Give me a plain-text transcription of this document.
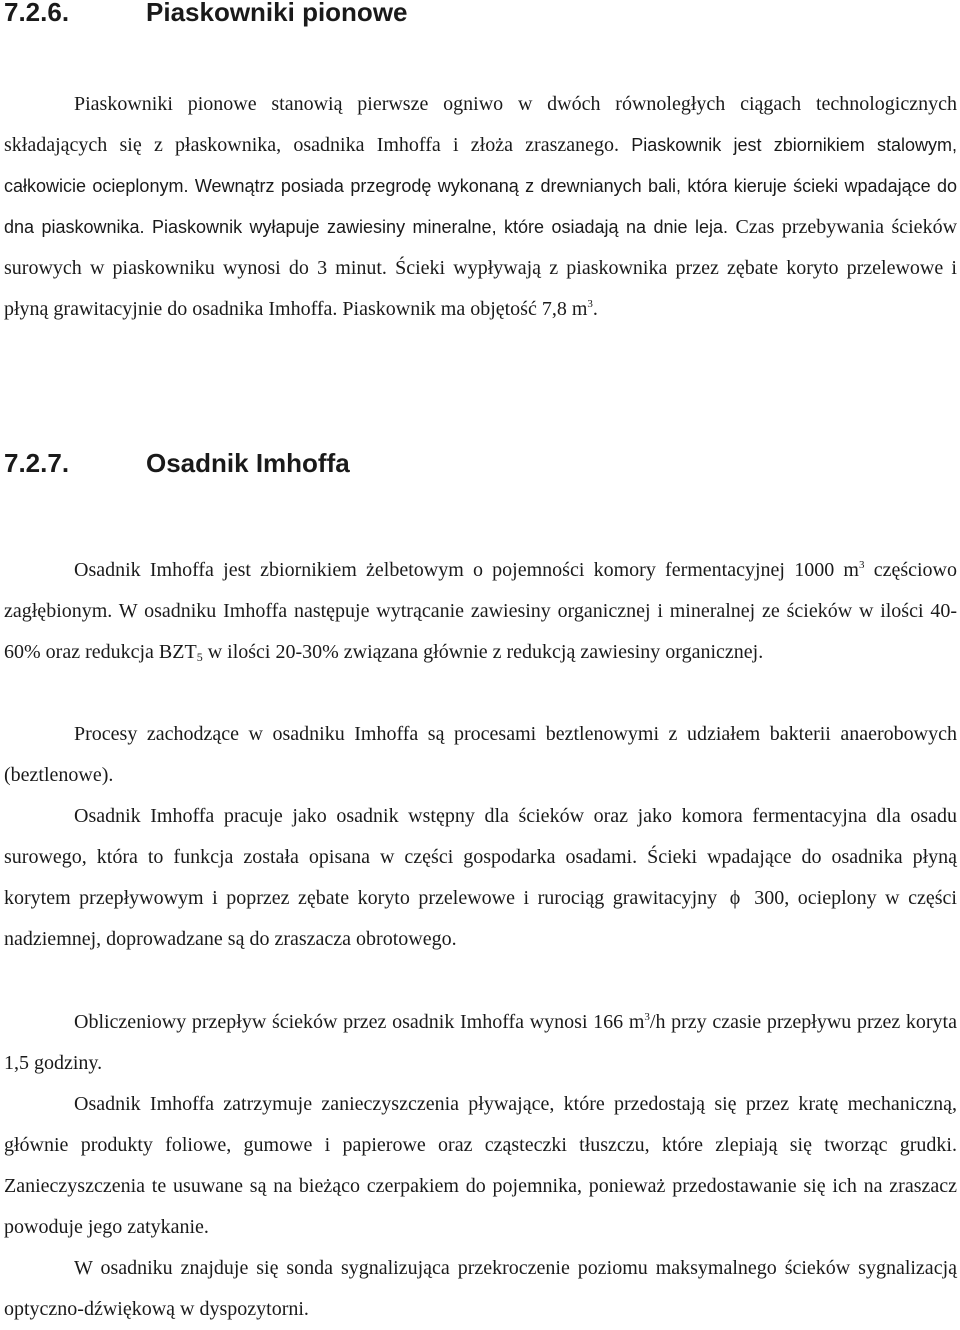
7.2.6.	Piaskowniki pionowe

Piaskowniki pionowe stanowią pierwsze ogniwo w dwóch równoległych ciągach technologicznych składających się z płaskownika, osadnika Imhoffa i złoża zraszanego. Piaskownik jest zbiornikiem stalowym, całkowicie ocieplonym. Wewnątrz posiada przegrodę wykonaną z drewnianych bali, która kieruje ścieki wpadające do dna piaskownika. Piaskownik wyłapuje zawiesiny mineralne, które osiadają na dnie leja. Czas przebywania ścieków surowych w piaskowniku wynosi do 3 minut. Ścieki wypływają z piaskownika przez zębate koryto przelewowe i płyną grawitacyjnie do osadnika Imhoffa. Piaskownik ma objętość 7,8 $m^3$.

7.2.7.	Osadnik Imhoffa

Osadnik Imhoffa jest zbiornikiem żelbetowym o pojemności komory fermentacyjnej 1000 $m^3$ częściowo zagłębionym. W osadniku Imhoffa następuje wytrącanie zawiesiny organicznej i mineralnej ze ścieków w ilości 40-60% oraz redukcja $BZT_5$ w ilości 20-30% związana głównie z redukcją zawiesiny organicznej.

Procesy zachodzące w osadniku Imhoffa są procesami beztlenowymi z udziałem bakterii anaerobowych (beztlenowe).

Osadnik Imhoffa pracuje jako osadnik wstępny dla ścieków oraz jako komora fermentacyjna dla osadu surowego, która to funkcja została opisana w części gospodarka osadami. Ścieki wpadające do osadnika płyną korytem przepływowym i poprzez zębate koryto przelewowe i rurociąg grawitacyjny ϕ 300, ocieplony w części nadziemnej, doprowadzane są do zraszacza obrotowego.

Obliczeniowy przepływ ścieków przez osadnik Imhoffa wynosi 166 $m^3/h$ przy czasie przepływu przez koryta 1,5 godziny.

Osadnik Imhoffa zatrzymuje zanieczyszczenia pływające, które przedostają się przez kratę mechaniczną, głównie produkty foliowe, gumowe i papierowe oraz cząsteczki tłuszczu, które zlepiają się tworząc grudki. Zanieczyszczenia te usuwane są na bieżąco czerpakiem do pojemnika, ponieważ przedostawanie się ich na zraszacz powoduje jego zatykanie.

W osadniku znajduje się sonda sygnalizująca przekroczenie poziomu maksymalnego ścieków sygnalizacją optyczno-dźwiękową w dyspozytorni.
